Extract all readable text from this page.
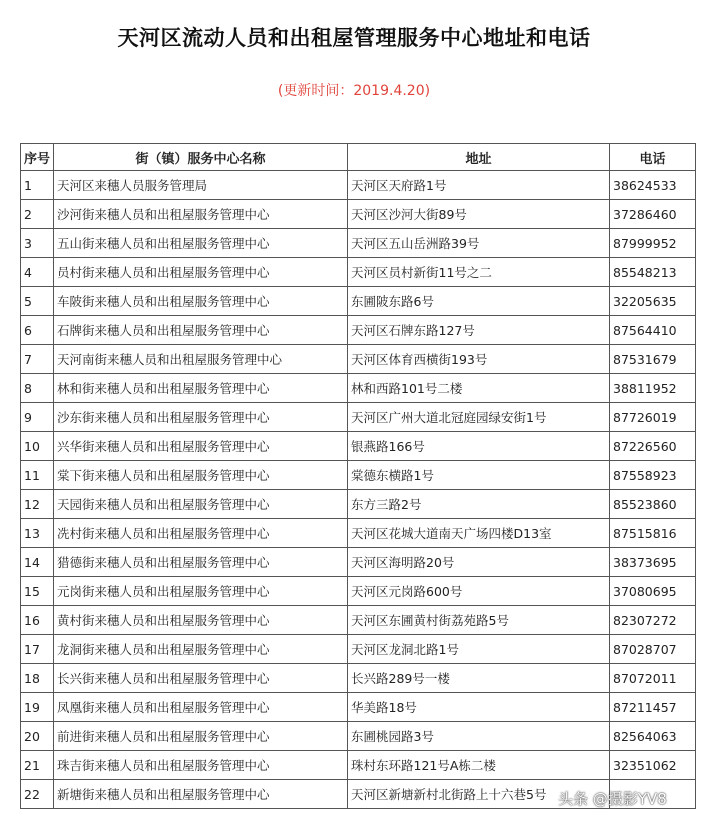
天河区流动人员和出租屋管理服务中心地址和电话
(更新时间：2019.4.20)
序号	街（镇）服务中心名称	地址	电话
1	天河区来穗人员服务管理局	天河区天府路1号	38624533
2	沙河街来穗人员和出租屋服务管理中心	天河区沙河大街89号	37286460
3	五山街来穗人员和出租屋服务管理中心	天河区五山岳洲路39号	87999952
4	员村街来穗人员和出租屋服务管理中心	天河区员村新街11号之二	85548213
5	车陂街来穗人员和出租屋服务管理中心	东圃陂东路6号	32205635
6	石牌街来穗人员和出租屋服务管理中心	天河区石牌东路127号	87564410
7	天河南街来穗人员和出租屋服务管理中心	天河区体育西横街193号	87531679
8	林和街来穗人员和出租屋服务管理中心	林和西路101号二楼	38811952
9	沙东街来穗人员和出租屋服务管理中心	天河区广州大道北冠庭园绿安街1号	87726019
10	兴华街来穗人员和出租屋服务管理中心	银燕路166号	87226560
11	棠下街来穗人员和出租屋服务管理中心	棠德东横路1号	87558923
12	天园街来穗人员和出租屋服务管理中心	东方三路2号	85523860
13	冼村街来穗人员和出租屋服务管理中心	天河区花城大道南天广场四楼D13室	87515816
14	猎德街来穗人员和出租屋服务管理中心	天河区海明路20号	38373695
15	元岗街来穗人员和出租屋服务管理中心	天河区元岗路600号	37080695
16	黄村街来穗人员和出租屋服务管理中心	天河区东圃黄村街荔苑路5号	82307272
17	龙洞街来穗人员和出租屋服务管理中心	天河区龙洞北路1号	87028707
18	长兴街来穗人员和出租屋服务管理中心	长兴路289号一楼	87072011
19	凤凰街来穗人员和出租屋服务管理中心	华美路18号	87211457
20	前进街来穗人员和出租屋服务管理中心	东圃桃园路3号	82564063
21	珠吉街来穗人员和出租屋服务管理中心	珠村东环路121号A栋二楼	32351062
22	新塘街来穗人员和出租屋服务管理中心	天河区新塘新村北街路上十六巷5号	头条 @摄影YV8
